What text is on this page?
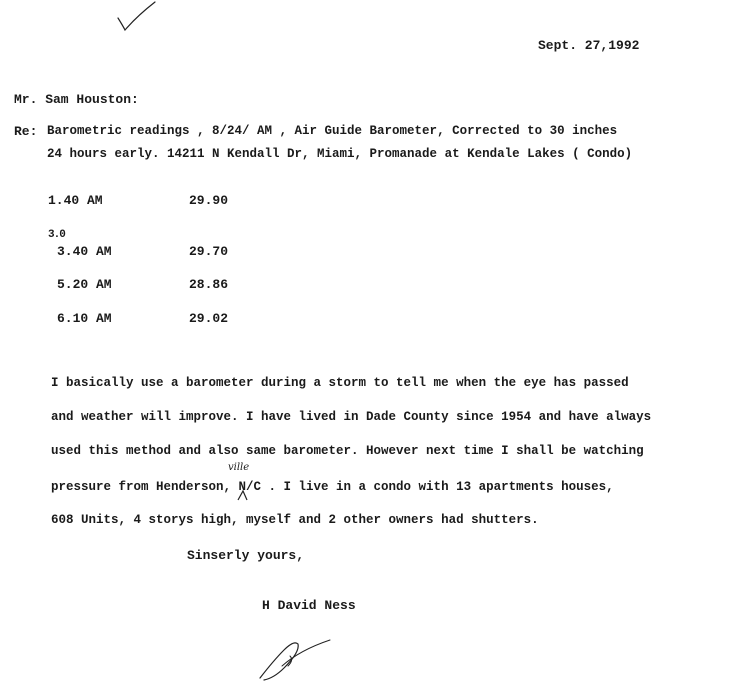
Sept. 27,1992
Mr. Sam Houston:
Re: Barometric readings , 8/24/ AM , Air Guide Barometer, Corrected to 30 inches
24 hours early. 14211 N Kendall Dr, Miami, Promanade at Kendale Lakes ( Condo)
1.40 AM	29.90
3.0
3.40 AM	29.70
5.20 AM	28.86
6.10 AM	29.02
I basically use a barometer during a storm to tell me when the eye has passed
and weather will improve. I have lived in Dade County since 1954 and have always
used this method and also same barometer. However next time I shall be watching
ville
pressure from Henderson, N/C . I live in a condo with 13 apartments houses,
608 Units, 4 storys high, myself and 2 other owners had shutters.
Sinserly yours,
H David Ness
